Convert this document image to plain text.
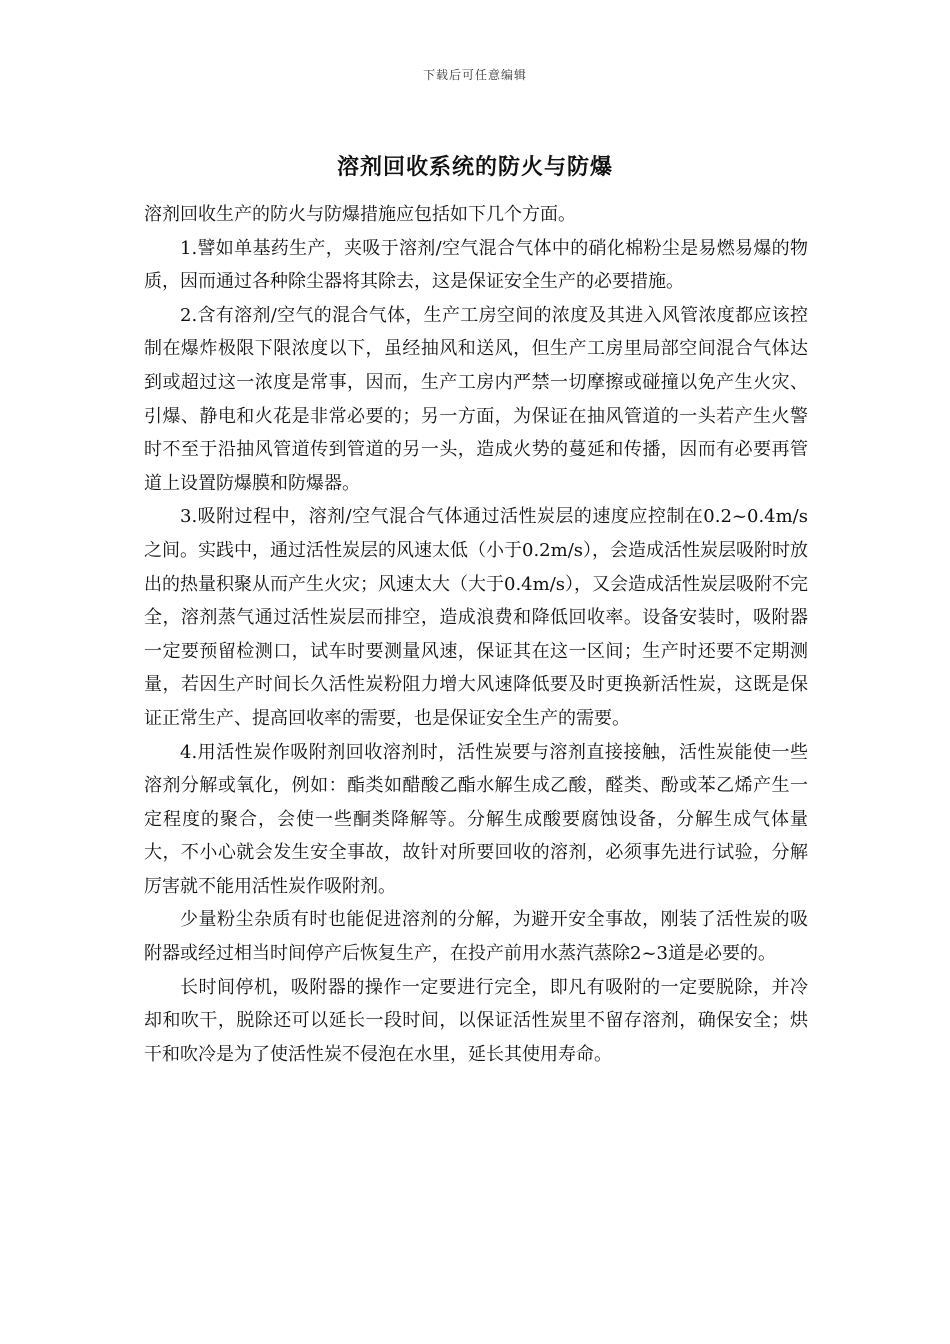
下载后可任意编辑
溶剂回收系统的防火与防爆

溶剂回收生产的防火与防爆措施应包括如下几个方面。

1.譬如单基药生产，夹吸于溶剂/空气混合气体中的硝化棉粉尘是易燃易爆的物质，因而通过各种除尘器将其除去，这是保证安全生产的必要措施。

2.含有溶剂/空气的混合气体，生产工房空间的浓度及其进入风管浓度都应该控制在爆炸极限下限浓度以下，虽经抽风和送风，但生产工房里局部空间混合气体达到或超过这一浓度是常事，因而，生产工房内严禁一切摩擦或碰撞以免产生火灾、引爆、静电和火花是非常必要的；另一方面，为保证在抽风管道的一头若产生火警时不至于沿抽风管道传到管道的另一头，造成火势的蔓延和传播，因而有必要再管道上设置防爆膜和防爆器。

3.吸附过程中，溶剂/空气混合气体通过活性炭层的速度应控制在0.2~0.4m/s之间。实践中，通过活性炭层的风速太低（小于0.2m/s），会造成活性炭层吸附时放出的热量积聚从而产生火灾；风速太大（大于0.4m/s），又会造成活性炭层吸附不完全，溶剂蒸气通过活性炭层而排空，造成浪费和降低回收率。设备安装时，吸附器一定要预留检测口，试车时要测量风速，保证其在这一区间；生产时还要不定期测量，若因生产时间长久活性炭粉阻力增大风速降低要及时更换新活性炭，这既是保证正常生产、提高回收率的需要，也是保证安全生产的需要。

4.用活性炭作吸附剂回收溶剂时，活性炭要与溶剂直接接触，活性炭能使一些溶剂分解或氧化，例如：酯类如醋酸乙酯水解生成乙酸，醛类、酚或苯乙烯产生一定程度的聚合，会使一些酮类降解等。分解生成酸要腐蚀设备，分解生成气体量大，不小心就会发生安全事故，故针对所要回收的溶剂，必须事先进行试验，分解厉害就不能用活性炭作吸附剂。

少量粉尘杂质有时也能促进溶剂的分解，为避开安全事故，刚装了活性炭的吸附器或经过相当时间停产后恢复生产，在投产前用水蒸汽蒸除2~3道是必要的。

长时间停机，吸附器的操作一定要进行完全，即凡有吸附的一定要脱除，并冷却和吹干，脱除还可以延长一段时间，以保证活性炭里不留存溶剂，确保安全；烘干和吹冷是为了使活性炭不侵泡在水里，延长其使用寿命。
